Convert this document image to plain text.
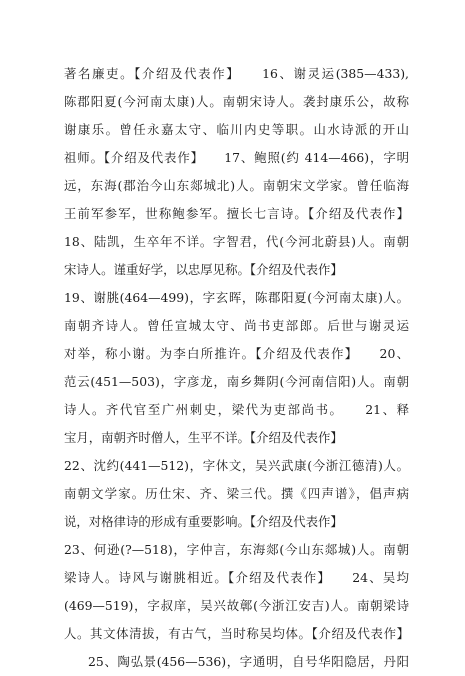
著名廉吏。【介绍及代表作】　　16、谢灵运(385—433),
陈郡阳夏(今河南太康)人。南朝宋诗人。袭封康乐公，故称
谢康乐。曾任永嘉太守、临川内史等职。山水诗派的开山
祖师。【介绍及代表作】　　17、鲍照(约 414—466)，字明
远，东海(郡治今山东郯城北)人。南朝宋文学家。曾任临海
王前军参军，世称鲍参军。擅长七言诗。【介绍及代表作】
18、陆凯，生卒年不详。字智君，代(今河北蔚县)人。南朝
宋诗人。谨重好学，以忠厚见称。【介绍及代表作】
19、谢朓(464—499)，字玄晖，陈郡阳夏(今河南太康)人。
南朝齐诗人。曾任宣城太守、尚书吏部郎。后世与谢灵运
对举，称小谢。为李白所推许。【介绍及代表作】　　20、
范云(451—503)，字彦龙，南乡舞阴(今河南信阳)人。南朝
诗人。齐代官至广州刺史，梁代为吏部尚书。　　21、释
宝月，南朝齐时僧人，生平不详。【介绍及代表作】
22、沈约(441—512)，字休文，吴兴武康(今浙江德清)人。
南朝文学家。历仕宋、齐、梁三代。撰《四声谱》，倡声病
说，对格律诗的形成有重要影响。【介绍及代表作】
23、何逊(?—518)，字仲言，东海郯(今山东郯城)人。南朝
梁诗人。诗风与谢朓相近。【介绍及代表作】　　24、吴均
(469—519)，字叔庠，吴兴故鄣(今浙江安吉)人。南朝梁诗
人。其文体清拔，有古气，当时称吴均体。【介绍及代表作】
25、陶弘景(456—536)，字通明，自号华阳隐居，丹阳
